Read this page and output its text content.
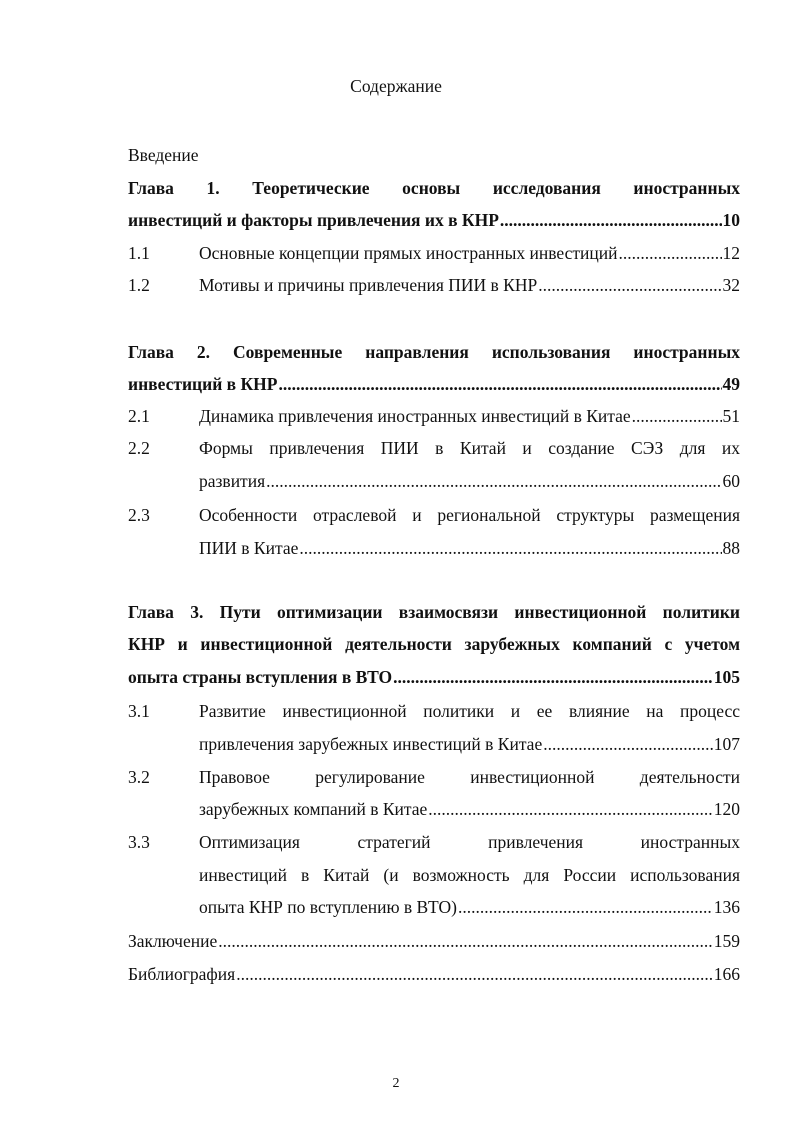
Содержание
Введение
Глава 1. Теоретические основы исследования иностранных
инвестиций и факторы привлечения их в КНР .....	10
1.1	Основные концепции прямых иностранных инвестиций .....	12
1.2	Мотивы и причины привлечения ПИИ в КНР .....	32
Глава 2. Современные направления использования иностранных
инвестиций в КНР .....	49
2.1	Динамика привлечения иностранных инвестиций в Китае .....	51
2.2	Формы привлечения ПИИ в Китай и создание СЭЗ для их
развития .....	60
2.3	Особенности отраслевой и региональной структуры размещения
ПИИ в Китае .....	88
Глава 3. Пути оптимизации взаимосвязи инвестиционной политики
КНР и инвестиционной деятельности зарубежных компаний с учетом
опыта страны вступления в ВТО .....	105
3.1	Развитие инвестиционной политики и ее влияние на процесс
привлечения зарубежных инвестиций в Китае .....	107
3.2	Правовое регулирование инвестиционной деятельности
зарубежных компаний в Китае .....	120
3.3	Оптимизация стратегий привлечения иностранных
инвестиций в Китай (и возможность для России использования
опыта КНР по вступлению в ВТО) .....	136
Заключение .....	159
Библиография .....	166
2
